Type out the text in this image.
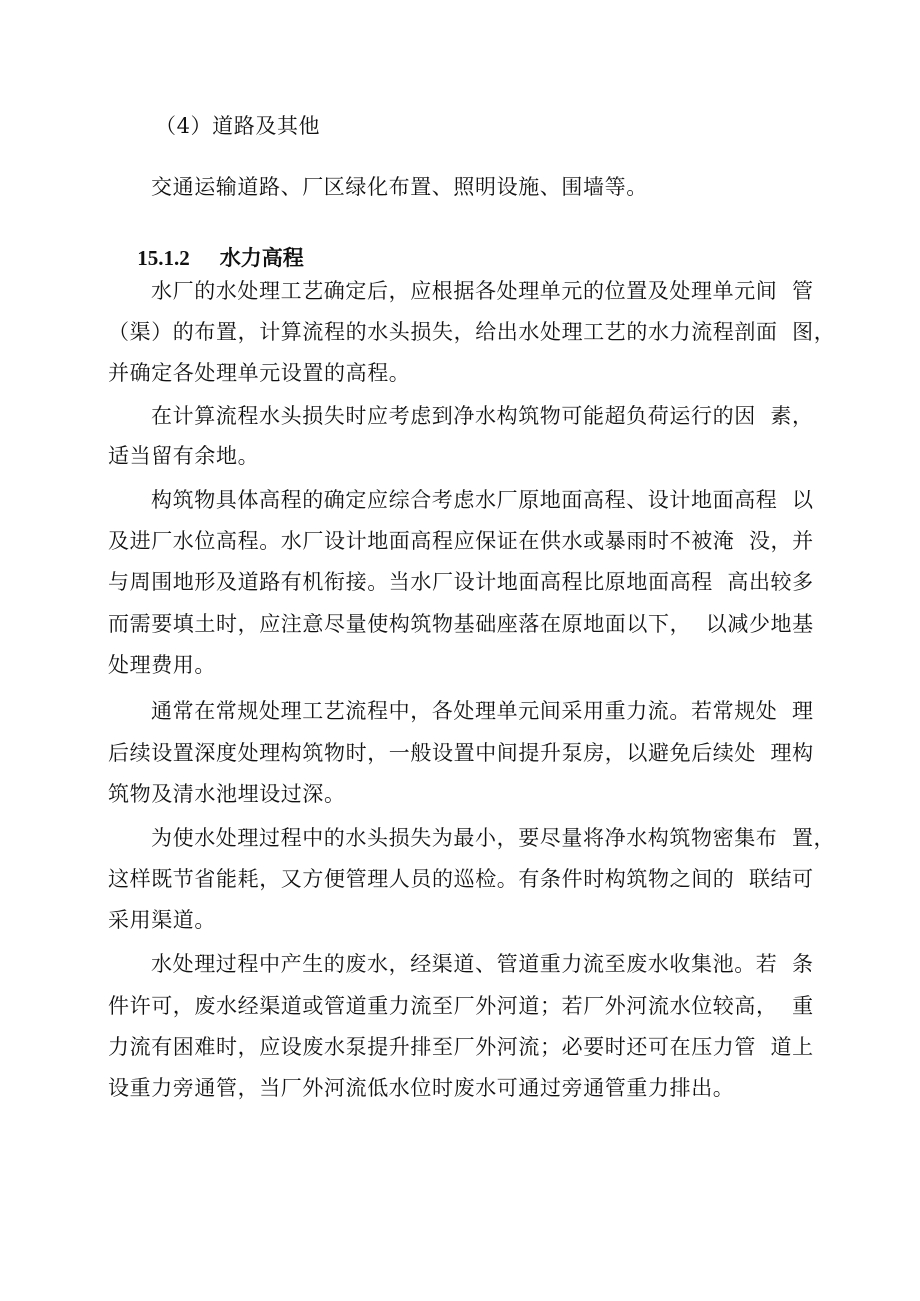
（4）道路及其他
交通运输道路、厂区绿化布置、照明设施、围墙等。

15.1.2 水力高程

水厂的水处理工艺确定后，应根据各处理单元的位置及处理单元间  管
（渠）的布置，计算流程的水头损失，给出水处理工艺的水力流程剖面  图，
并确定各处理单元设置的高程。
在计算流程水头损失时应考虑到净水构筑物可能超负荷运行的因  素，
适当留有余地。
构筑物具体高程的确定应综合考虑水厂原地面高程、设计地面高程  以
及进厂水位高程。水厂设计地面高程应保证在供水或暴雨时不被淹  没，并
与周围地形及道路有机衔接。当水厂设计地面高程比原地面高程  高出较多
而需要填土时，应注意尽量使构筑物基础座落在原地面以下，  以减少地基
处理费用。
通常在常规处理工艺流程中，各处理单元间采用重力流。若常规处  理
后续设置深度处理构筑物时，一般设置中间提升泵房，以避免后续处  理构
筑物及清水池埋设过深。
为使水处理过程中的水头损失为最小，要尽量将净水构筑物密集布  置，
这样既节省能耗，又方便管理人员的巡检。有条件时构筑物之间的  联结可
采用渠道。
水处理过程中产生的废水，经渠道、管道重力流至废水收集池。若  条
件许可，废水经渠道或管道重力流至厂外河道；若厂外河流水位较高，  重
力流有困难时，应设废水泵提升排至厂外河流；必要时还可在压力管  道上
设重力旁通管，当厂外河流低水位时废水可通过旁通管重力排出。
